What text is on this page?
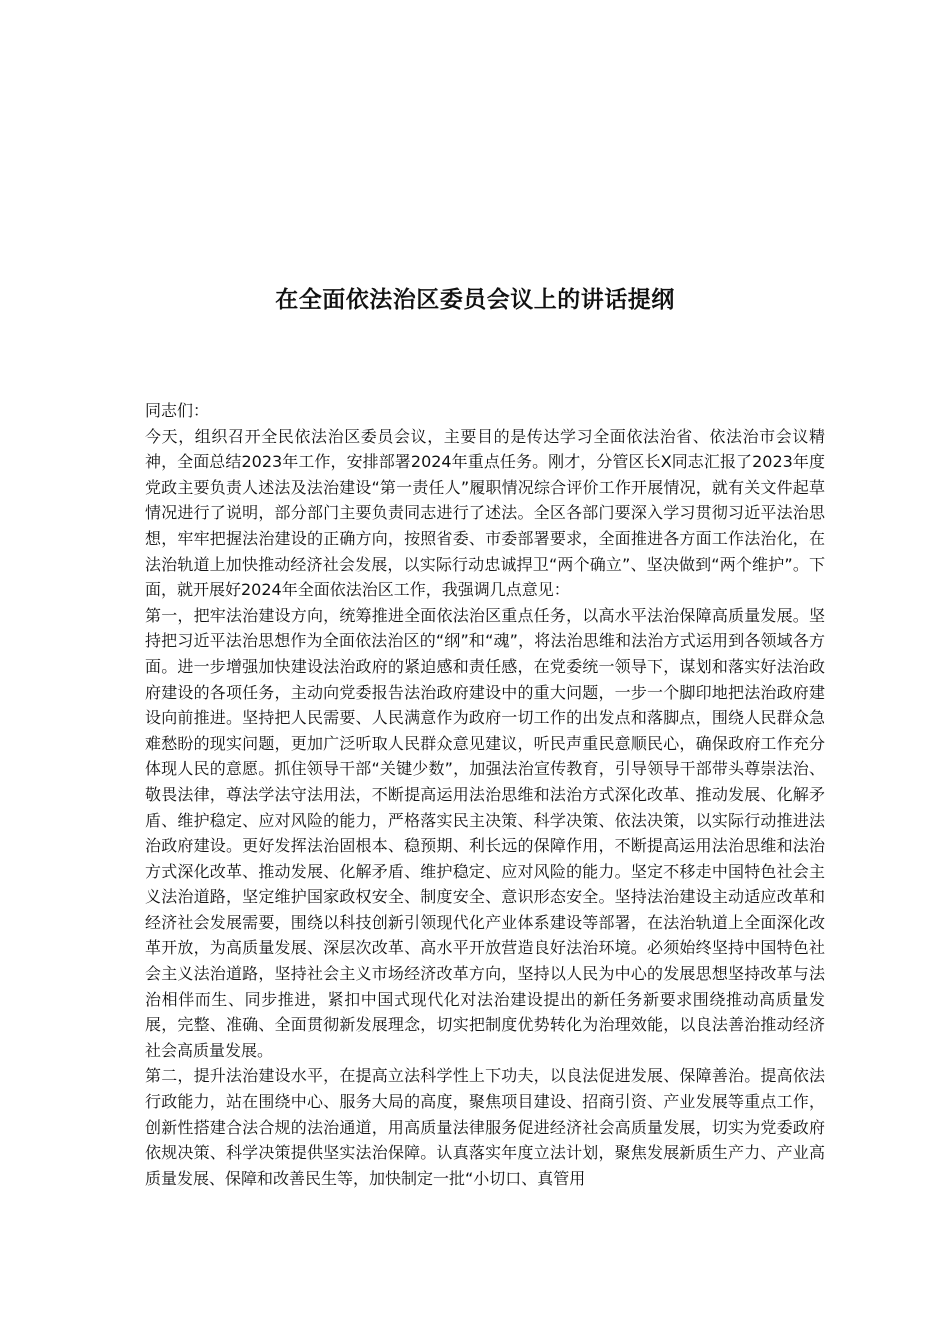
在全面依法治区委员会议上的讲话提纲

同志们：

今天，组织召开全民依法治区委员会议，主要目的是传达学习全面依法治省、依法治市会议精神，全面总结2023年工作，安排部署2024年重点任务。刚才，分管区长X同志汇报了2023年度党政主要负责人述法及法治建设“第一责任人”履职情况综合评价工作开展情况，就有关文件起草情况进行了说明，部分部门主要负责同志进行了述法。全区各部门要深入学习贯彻习近平法治思想，牢牢把握法治建设的正确方向，按照省委、市委部署要求，全面推进各方面工作法治化，在法治轨道上加快推动经济社会发展，以实际行动忠诚捍卫“两个确立”、坚决做到“两个维护”。下面，就开展好2024年全面依法治区工作，我强调几点意见：

第一，把牢法治建设方向，统筹推进全面依法治区重点任务，以高水平法治保障高质量发展。坚持把习近平法治思想作为全面依法治区的“纲”和“魂”，将法治思维和法治方式运用到各领域各方面。进一步增强加快建设法治政府的紧迫感和责任感，在党委统一领导下，谋划和落实好法治政府建设的各项任务，主动向党委报告法治政府建设中的重大问题，一步一个脚印地把法治政府建设向前推进。坚持把人民需要、人民满意作为政府一切工作的出发点和落脚点，围绕人民群众急难愁盼的现实问题，更加广泛听取人民群众意见建议，听民声重民意顺民心，确保政府工作充分体现人民的意愿。抓住领导干部“关键少数”，加强法治宣传教育，引导领导干部带头尊崇法治、敬畏法律，尊法学法守法用法，不断提高运用法治思维和法治方式深化改革、推动发展、化解矛盾、维护稳定、应对风险的能力，严格落实民主决策、科学决策、依法决策，以实际行动推进法治政府建设。更好发挥法治固根本、稳预期、利长远的保障作用，不断提高运用法治思维和法治方式深化改革、推动发展、化解矛盾、维护稳定、应对风险的能力。坚定不移走中国特色社会主义法治道路，坚定维护国家政权安全、制度安全、意识形态安全。坚持法治建设主动适应改革和经济社会发展需要，围绕以科技创新引领现代化产业体系建设等部署，在法治轨道上全面深化改革开放，为高质量发展、深层次改革、高水平开放营造良好法治环境。必须始终坚持中国特色社会主义法治道路，坚持社会主义市场经济改革方向，坚持以人民为中心的发展思想坚持改革与法治相伴而生、同步推进，紧扣中国式现代化对法治建设提出的新任务新要求围绕推动高质量发展，完整、准确、全面贯彻新发展理念，切实把制度优势转化为治理效能，以良法善治推动经济社会高质量发展。

第二，提升法治建设水平，在提高立法科学性上下功夫，以良法促进发展、保障善治。提高依法行政能力，站在围绕中心、服务大局的高度，聚焦项目建设、招商引资、产业发展等重点工作，创新性搭建合法合规的法治通道，用高质量法律服务促进经济社会高质量发展，切实为党委政府依规决策、科学决策提供坚实法治保障。认真落实年度立法计划，聚焦发展新质生产力、产业高质量发展、保障和改善民生等，加快制定一批“小切口、真管用
